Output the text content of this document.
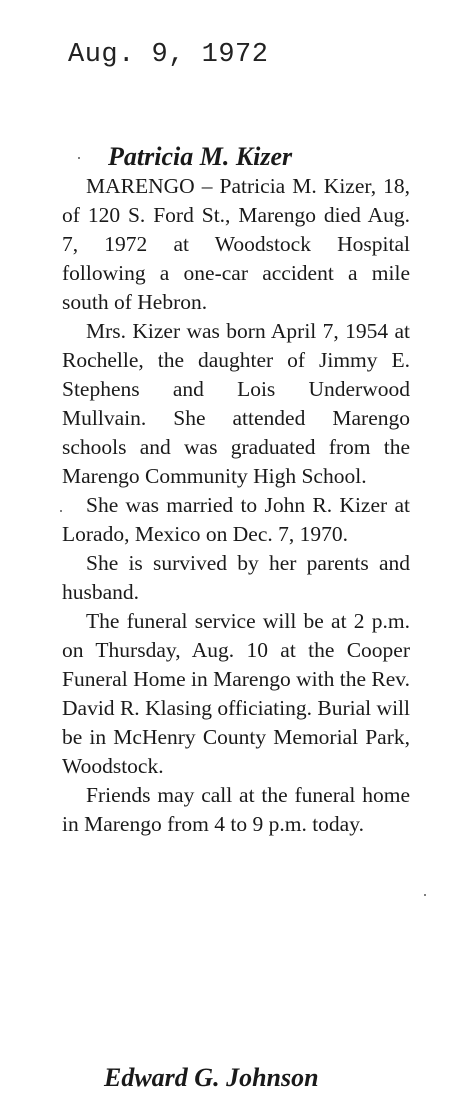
Aug. 9, 1972
Patricia M. Kizer

MARENGO – Patricia M. Kizer, 18, of 120 S. Ford St., Marengo died Aug. 7, 1972 at Woodstock Hospital following a one-car accident a mile south of Hebron.

Mrs. Kizer was born April 7, 1954 at Rochelle, the daughter of Jimmy E. Stephens and Lois Underwood Mullvain. She attended Marengo schools and was graduated from the Marengo Community High School.

She was married to John R. Kizer at Lorado, Mexico on Dec. 7, 1970.

She is survived by her parents and husband.

The funeral service will be at 2 p.m. on Thursday, Aug. 10 at the Cooper Funeral Home in Marengo with the Rev. David R. Klasing officiating. Burial will be in McHenry County Memorial Park, Woodstock.

Friends may call at the funeral home in Marengo from 4 to 9 p.m. today.

Edward G. Johnson
